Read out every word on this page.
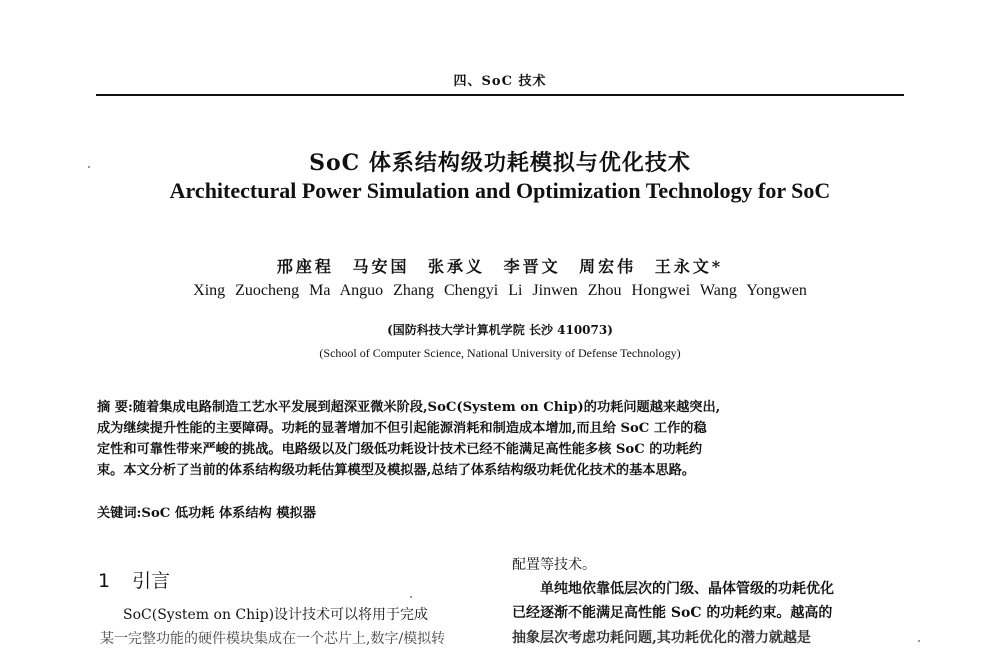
四、SoC 技术
SoC 体系结构级功耗模拟与优化技术
Architectural Power Simulation and Optimization Technology for SoC
邢座程 马安国 张承义 李晋文 周宏伟 王永文*
Xing Zuocheng Ma Anguo Zhang Chengyi Li Jinwen Zhou Hongwei Wang Yongwen
(国防科技大学计算机学院 长沙 410073)
(School of Computer Science, National University of Defense Technology)
摘 要:随着集成电路制造工艺水平发展到超深亚微米阶段,SoC(System on Chip)的功耗问题越来越突出,
成为继续提升性能的主要障碍。功耗的显著增加不但引起能源消耗和制造成本增加,而且给 SoC 工作的稳
定性和可靠性带来严峻的挑战。电路级以及门级低功耗设计技术已经不能满足高性能多核 SoC 的功耗约
束。本文分析了当前的体系结构级功耗估算模型及模拟器,总结了体系结构级功耗优化技术的基本思路。
关键词:SoC 低功耗 体系结构 模拟器
1 引言
SoC(System on Chip)设计技术可以将用于完成
某一完整功能的硬件模块集成在一个芯片上,数字/模拟转
配置等技术。
单纯地依靠低层次的门级、晶体管级的功耗优化
已经逐渐不能满足高性能 SoC 的功耗约束。越高的
抽象层次考虑功耗问题,其功耗优化的潜力就越是
